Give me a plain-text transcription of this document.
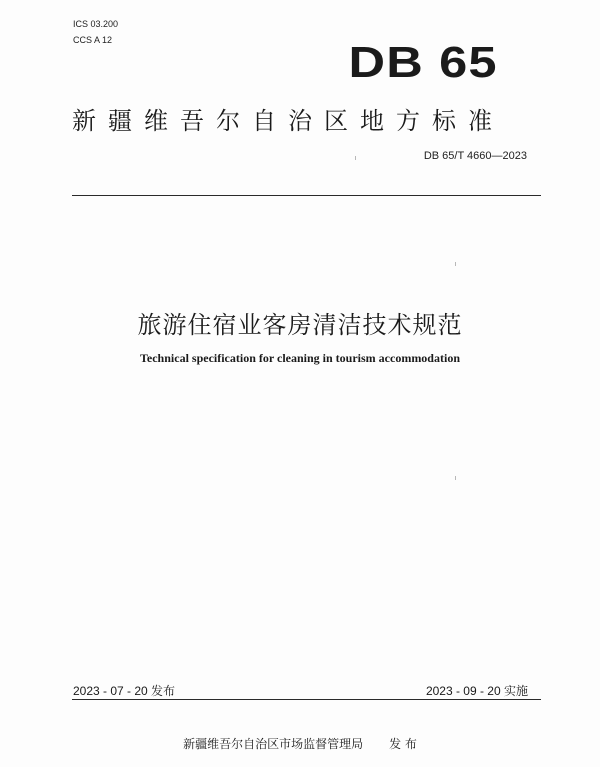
ICS 03.200
CCS A 12	DB 65
新疆维吾尔自治区地方标准
DB 65/T 4660—2023
旅游住宿业客房清洁技术规范
Technical specification for cleaning in tourism accommodation
2023 - 07 - 20 发布	2023 - 09 - 20 实施
新疆维吾尔自治区市场监督管理局 发 布
